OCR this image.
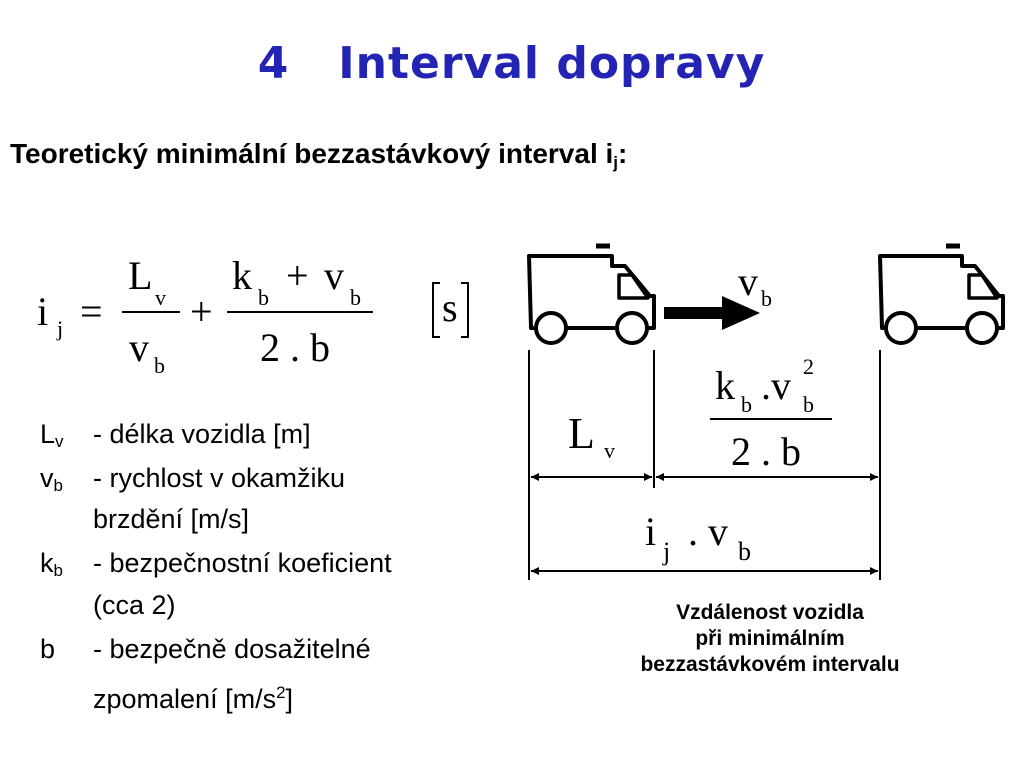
4   Interval dopravy
Teoretický minimální bezzastávkový interval $i_j$:
i j =
L v
v b
+
k b + v b
2 . b
s
$L_v$ - délka vozidla [m]
$v_b$ - rychlost v okamžiku
brzdění [m/s]
$k_b$ - bezpečnostní koeficient
(cca 2)
b - bezpečně dosažitelné
zpomalení $[m/s^2]$
v b
L v
k b .v 2
b
2 . b
i j . v b
Vzdálenost vozidla
při minimálním
bezzastávkovém intervalu
